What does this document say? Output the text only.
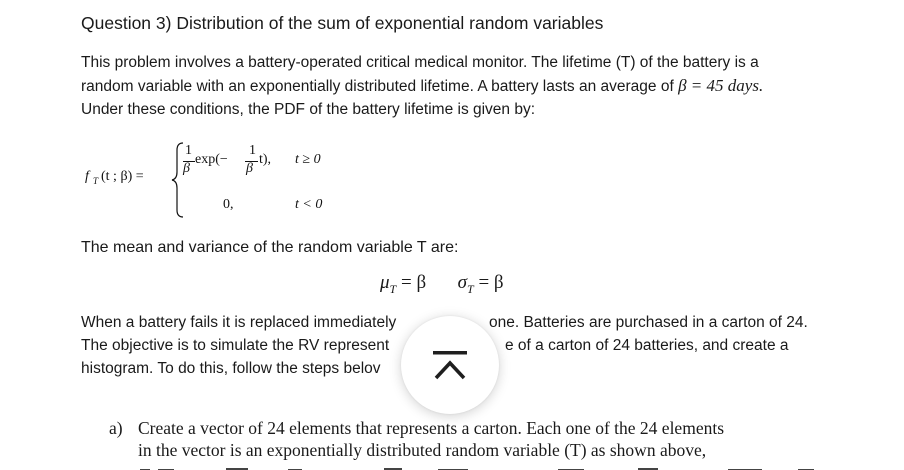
Question 3) Distribution of the sum of exponential random variables
This problem involves a battery-operated critical medical monitor. The lifetime (T) of the battery is a
random variable with an exponentially distributed lifetime. A battery lasts an average of β = 45 days.
Under these conditions, the PDF of the battery lifetime is given by:
f T (t ; β) =
1
β
exp(−
1
β
t), t ≥ 0
0,	t < 0
The mean and variance of the random variable T are:
$\mu_T = \beta$ $\sigma_T = \beta$
When a battery fails it is replaced immediately	one. Batteries are purchased in a carton of 24.
The objective is to simulate the RV represent	e of a carton of 24 batteries, and create a
histogram. To do this, follow the steps belov
a) Create a vector of 24 elements that represents a carton. Each one of the 24 elements
in the vector is an exponentially distributed random variable (T) as shown above,
